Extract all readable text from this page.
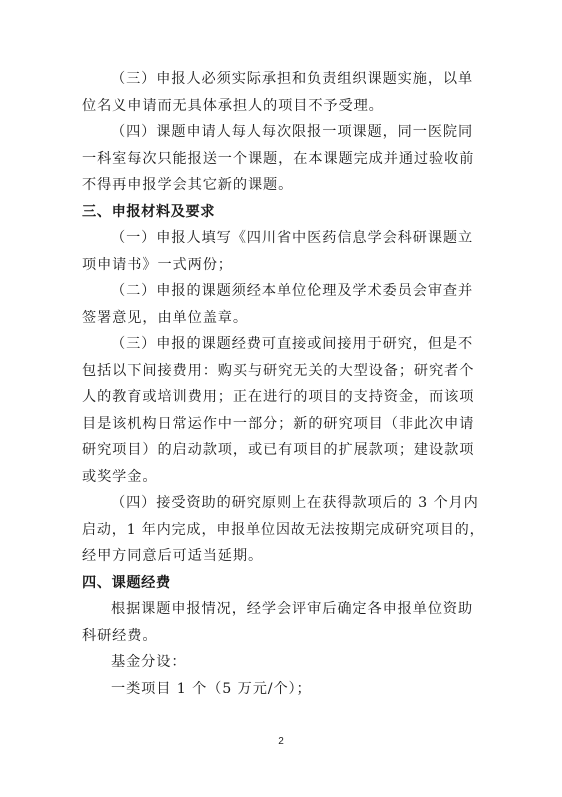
（三）申报人必须实际承担和负责组织课题实施，以单
位名义申请而无具体承担人的项目不予受理。
（四）课题申请人每人每次限报一项课题，同一医院同
一科室每次只能报送一个课题，在本课题完成并通过验收前
不得再申报学会其它新的课题。
三、申报材料及要求
（一）申报人填写《四川省中医药信息学会科研课题立
项申请书》一式两份；
（二）申报的课题须经本单位伦理及学术委员会审查并
签署意见，由单位盖章。
（三）申报的课题经费可直接或间接用于研究，但是不
包括以下间接费用：购买与研究无关的大型设备；研究者个
人的教育或培训费用；正在进行的项目的支持资金，而该项
目是该机构日常运作中一部分；新的研究项目（非此次申请
研究项目）的启动款项，或已有项目的扩展款项；建设款项
或奖学金。
（四）接受资助的研究原则上在获得款项后的 3 个月内
启动，1 年内完成，申报单位因故无法按期完成研究项目的，
经甲方同意后可适当延期。
四、课题经费
根据课题申报情况，经学会评审后确定各申报单位资助
科研经费。
基金分设：
一类项目 1 个（5 万元/个）；
2
